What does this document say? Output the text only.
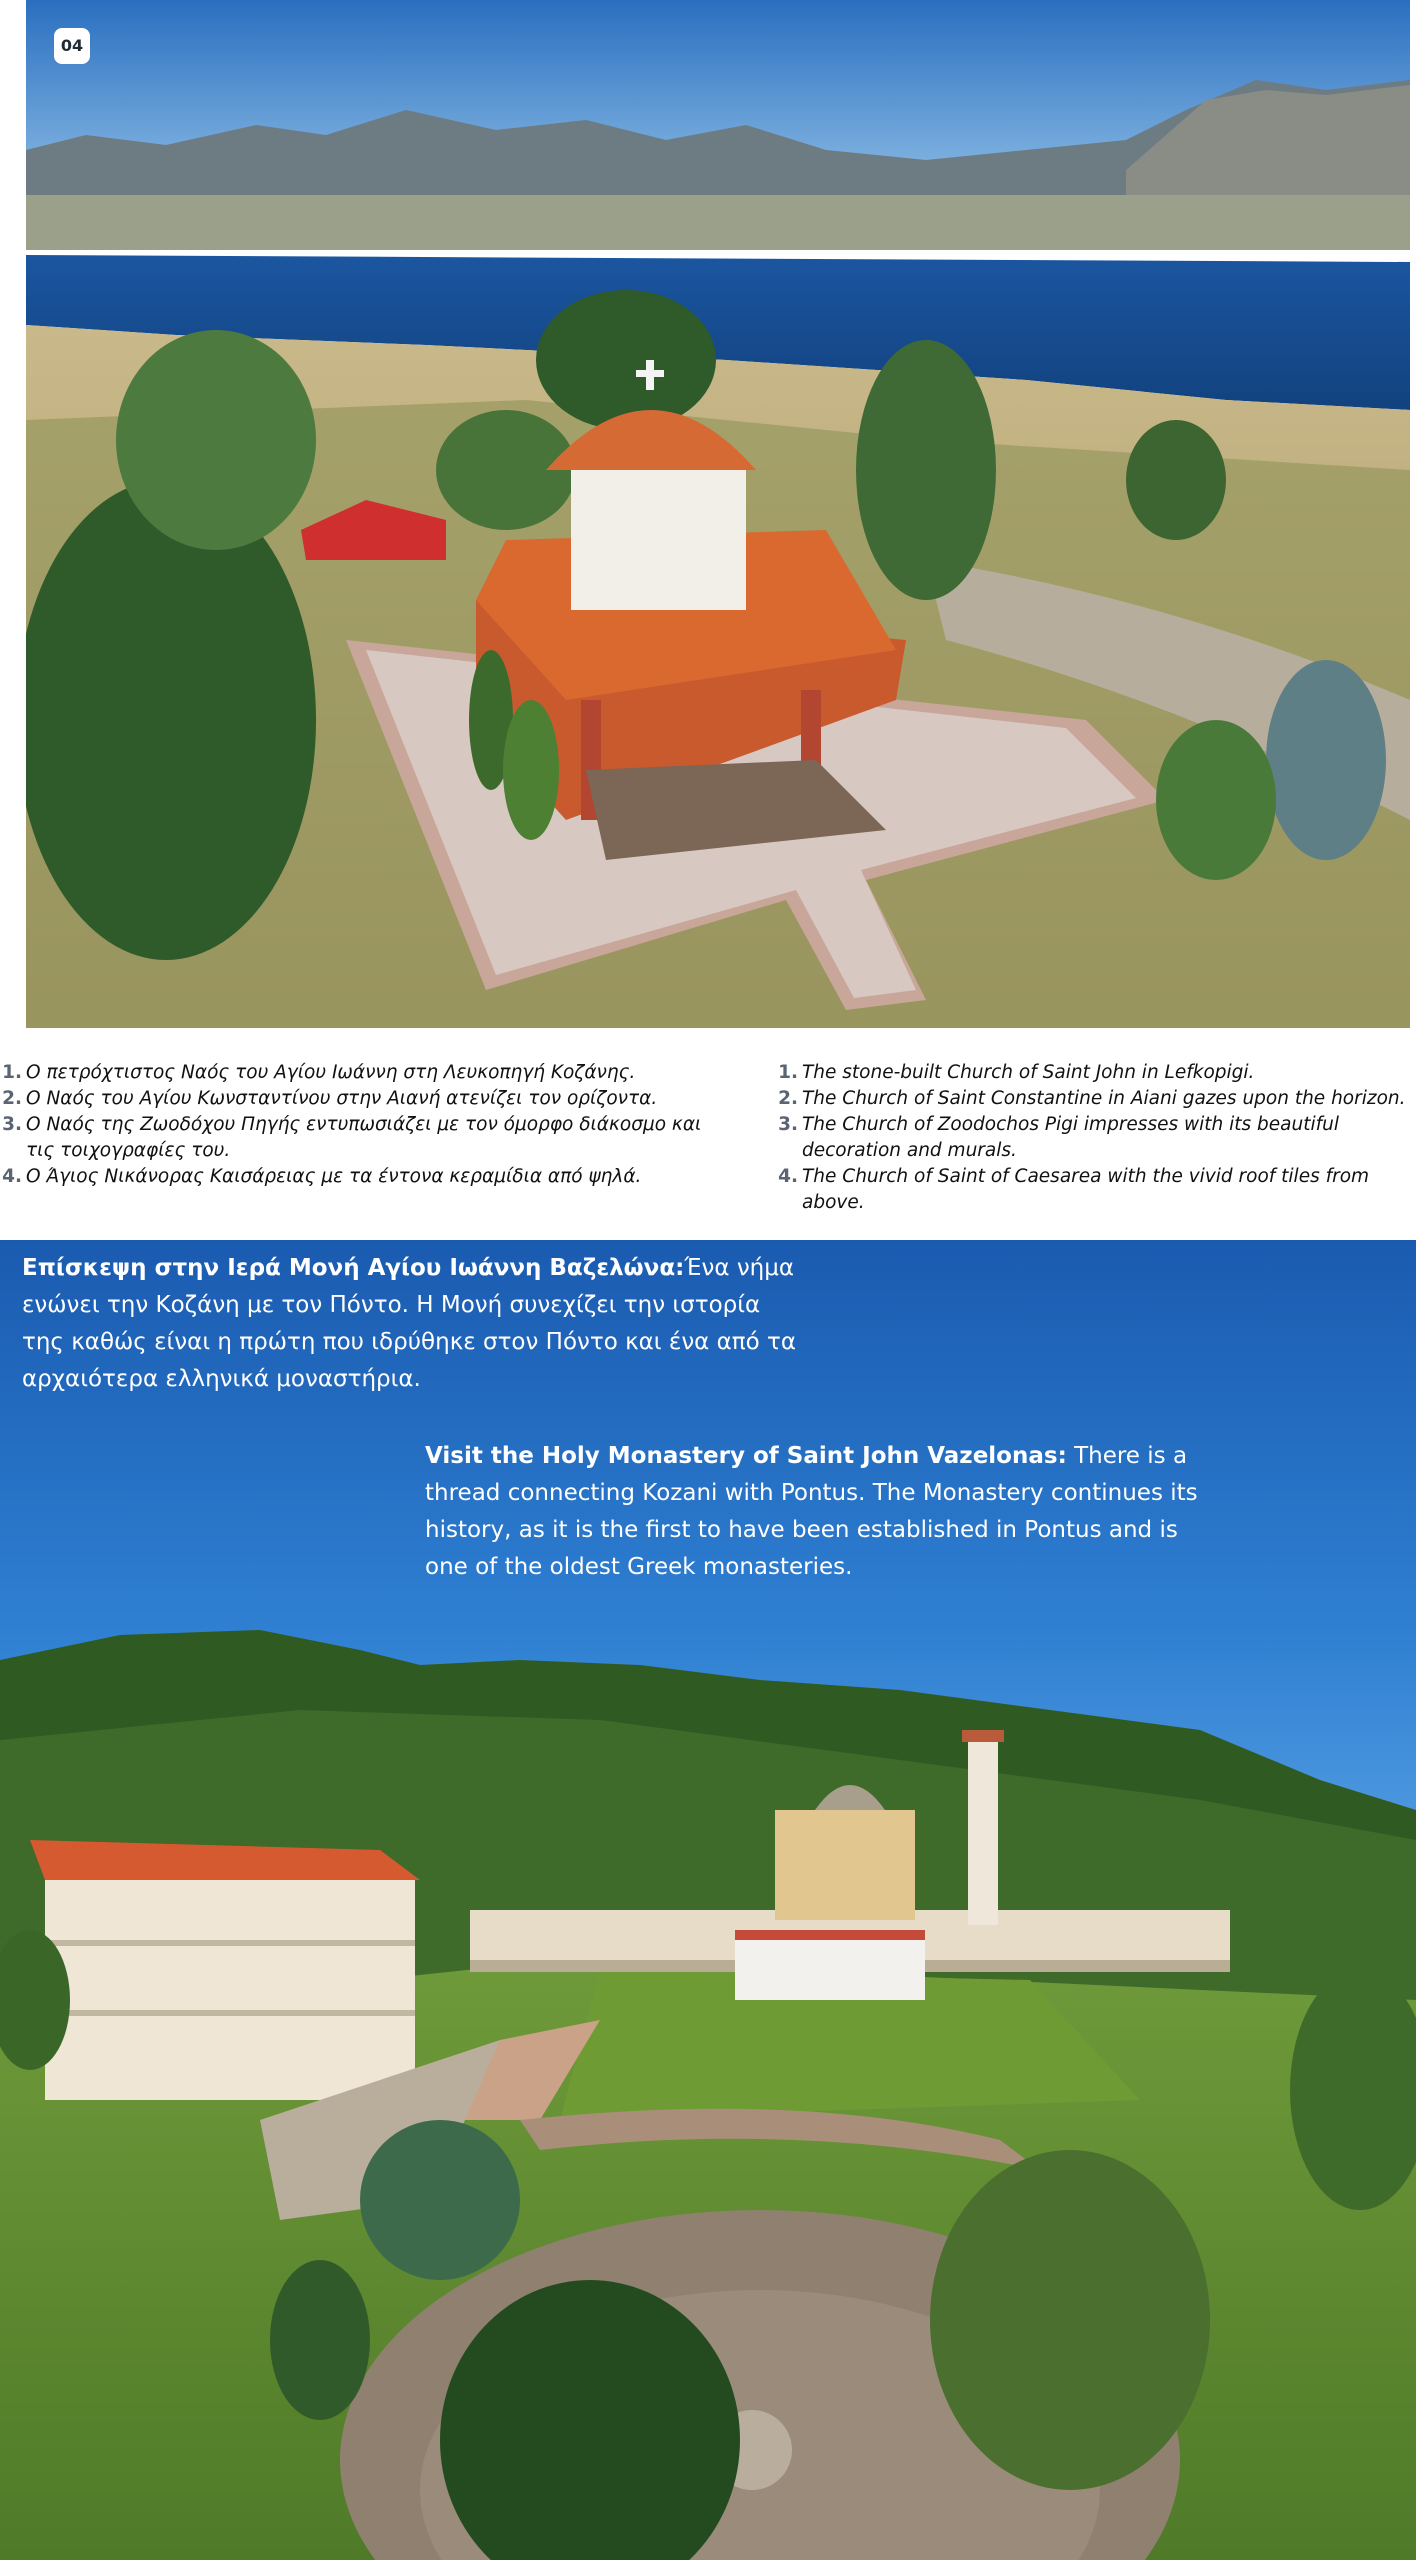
04
1. Ο πετρόχτιστος Ναός του Αγίου Ιωάννη στη Λευκοπηγή Κοζάνης.
2. Ο Ναός του Αγίου Κωνσταντίνου στην Αιανή ατενίζει τον ορίζοντα.
3. Ο Ναός της Ζωοδόχου Πηγής εντυπωσιάζει με τον όμορφο διάκοσμο και τις τοιχογραφίες του.
4. Ο Άγιος Νικάνορας Καισάρειας με τα έντονα κεραμίδια από ψηλά.
1. The stone-built Church of Saint John in Lefkopigi.
2. The Church of Saint Constantine in Aiani gazes upon the horizon.
3. The Church of Zoodochos Pigi impresses with its beautiful decoration and murals.
4. The Church of Saint of Caesarea with the vivid roof tiles from above.
Επίσκεψη στην Ιερά Μονή Αγίου Ιωάννη Βαζελώνα:Ένα νήμα ενώνει την Κοζάνη με τον Πόντο. Η Μονή συνεχίζει την ιστορία της καθώς είναι η πρώτη που ιδρύθηκε στον Πόντο και ένα από τα αρχαιότερα ελληνικά μοναστήρια.
Visit the Holy Monastery of Saint John Vazelonas: There is a thread connecting Kozani with Pontus. The Monastery continues its history, as it is the first to have been established in Pontus and is one of the oldest Greek monasteries.
